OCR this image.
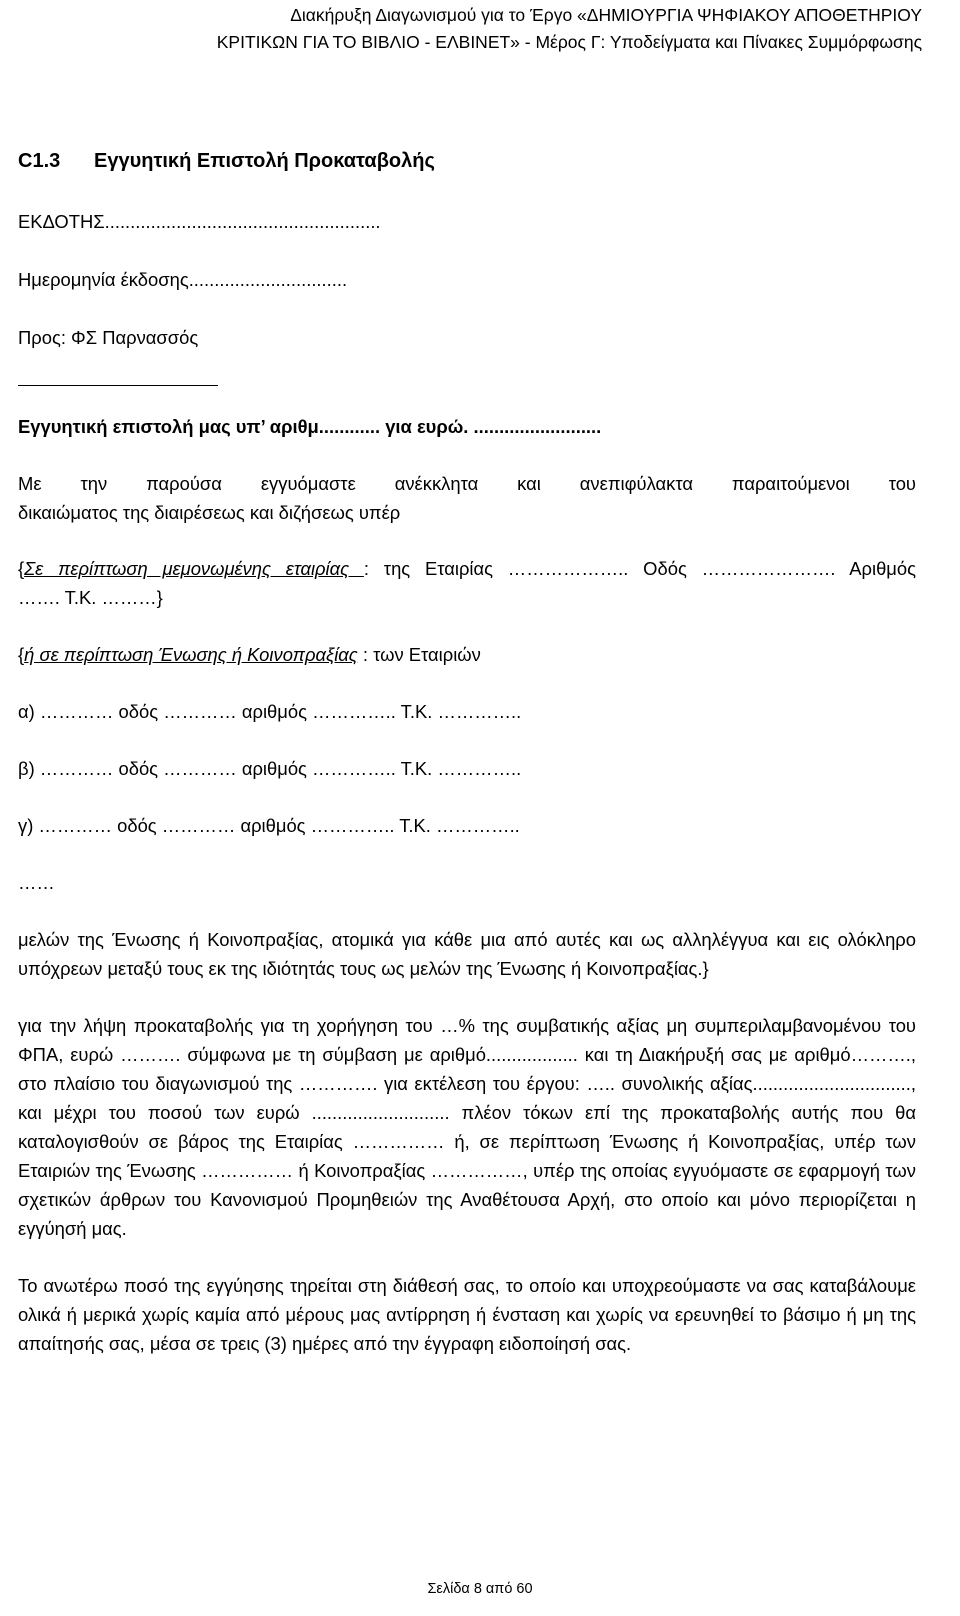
Διακήρυξη Διαγωνισμού για το Έργο «ΔΗΜΙΟΥΡΓΙΑ ΨΗΦΙΑΚΟΥ ΑΠΟΘΕΤΗΡΙΟΥ
ΚΡΙΤΙΚΩΝ ΓΙΑ ΤΟ ΒΙΒΛΙΟ - ΕΛΒΙΝΕΤ» - Μέρος Γ: Υποδείγματα και Πίνακες Συμμόρφωσης
C1.3 Εγγυητική Επιστολή Προκαταβολής
ΕΚΔΟΤΗΣ......................................................
Ημερομηνία έκδοσης...............................
Προς: ΦΣ Παρνασσός
Εγγυητική επιστολή μας υπ’ αριθμ............ για ευρώ. .........................

Με την παρούσα εγγυόμαστε ανέκκλητα και ανεπιφύλακτα παραιτούμενοι του

δικαιώματος της διαιρέσεως και διζήσεως υπέρ

{Σε περίπτωση μεμονωμένης εταιρίας : της Εταιρίας ……………….. Οδός …………………. Αριθμός

……. Τ.Κ. ………}

{ή σε περίπτωση Ένωσης ή Κοινοπραξίας : των Εταιριών

α) ………… οδός ………… αριθμός ………….. Τ.Κ. …………..

β) ………… οδός ………… αριθμός ………….. Τ.Κ. …………..

γ) ………… οδός ………… αριθμός ………….. Τ.Κ. …………..

……

μελών της Ένωσης ή Κοινοπραξίας, ατομικά για κάθε μια από αυτές και ως αλληλέγγυα και εις ολόκληρο υπόχρεων μεταξύ τους εκ της ιδιότητάς τους ως μελών της Ένωσης ή Κοινοπραξίας.}

για την λήψη προκαταβολής για τη χορήγηση του …% της συμβατικής αξίας μη συμπεριλαμβανομένου του ΦΠΑ, ευρώ ………. σύμφωνα με τη σύμβαση με αριθμό.................. και τη Διακήρυξή σας με αριθμό………., στο πλαίσιο του διαγωνισμού της …………. για εκτέλεση του έργου: ….. συνολικής αξίας..............................., και μέχρι του ποσού των ευρώ ........................... πλέον τόκων επί της προκαταβολής αυτής που θα καταλογισθούν σε βάρος της Εταιρίας …………… ή, σε περίπτωση Ένωσης ή Κοινοπραξίας, υπέρ των Εταιριών της Ένωσης …………… ή Κοινοπραξίας ……………, υπέρ της οποίας εγγυόμαστε σε εφαρμογή των σχετικών άρθρων του Κανονισμού Προμηθειών της Αναθέτουσα Αρχή, στο οποίο και μόνο περιορίζεται η εγγύησή μας.

Το ανωτέρω ποσό της εγγύησης τηρείται στη διάθεσή σας, το οποίο και υποχρεούμαστε να σας καταβάλουμε ολικά ή μερικά χωρίς καμία από μέρους μας αντίρρηση ή ένσταση και χωρίς να ερευνηθεί το βάσιμο ή μη της απαίτησής σας, μέσα σε τρεις (3) ημέρες από την έγγραφη ειδοποίησή σας.

Σελίδα 8 από 60
